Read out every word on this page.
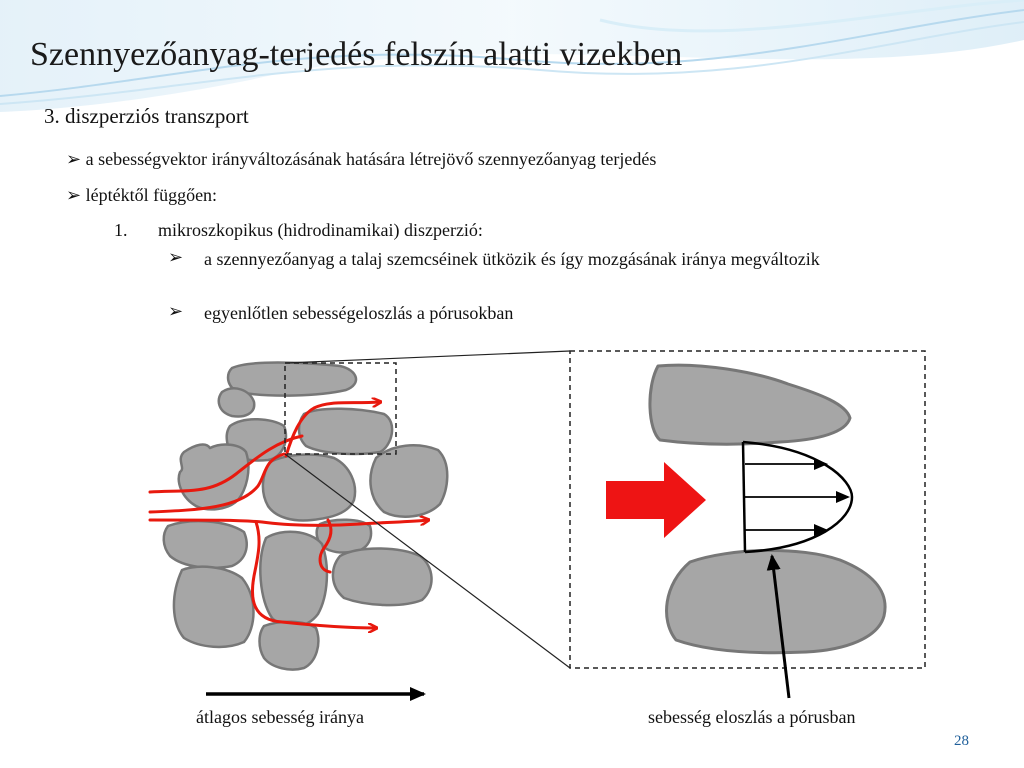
Szennyezőanyag-terjedés felszín alatti vizekben
3. diszperziós transzport
➢ a sebességvektor irányváltozásának hatására létrejövő szennyezőanyag terjedés
➢ léptéktől függően:
1. mikroszkopikus (hidrodinamikai) diszperzió:
➢ a szennyezőanyag a talaj szemcséinek ütközik és így mozgásának iránya megváltozik
➢ egyenlőtlen sebességeloszlás a pórusokban
átlagos sebesség iránya	sebesség eloszlás a pórusban
28
